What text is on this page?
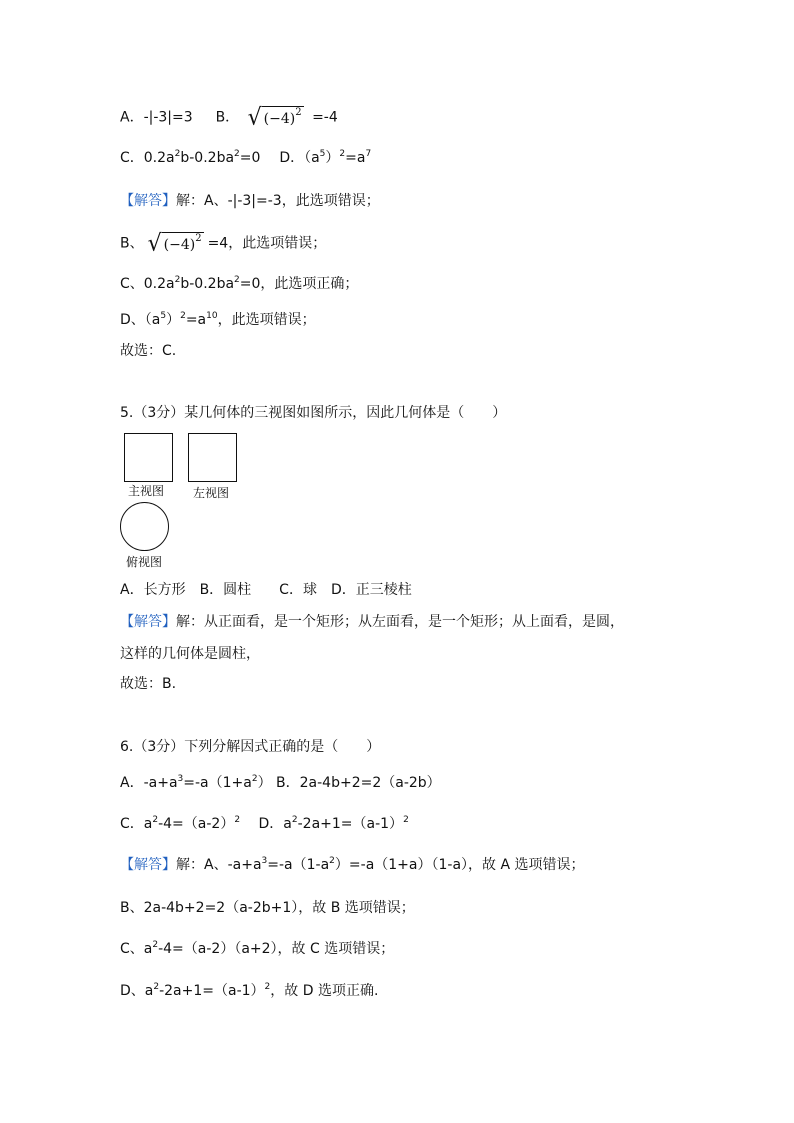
A．-|-3|=3 B． √ $(-4)^2 =-4$
C．$0.2a^2b-0.2ba^2=0$ D．$(a^5)^2=a^7$
【解答】解：A、-|-3|=-3，此选项错误；
B、 √ $(-4)^2 =4$，此选项错误；
C、$0.2a^2b-0.2ba^2=0$，此选项正确；
D、$(a^5)^2=a^{10}$，此选项错误；
故选：C.
5.（3分）某几何体的三视图如图所示，因此几何体是（　　）
主视图 左视图
俯视图
A．长方形　B．圆柱　　C．球　D．正三棱柱
【解答】解：从正面看，是一个矩形；从左面看，是一个矩形；从上面看，是圆，
这样的几何体是圆柱，
故选：B.
6.（3分）下列分解因式正确的是（　　）
A．$-a+a^3=-a(1+a^2)$ B．2a-4b+2=2（a-2b）
C．$a^2-4=(a-2)^2$　 D．$a^2-2a+1=(a-1)^2$
【解答】解：A、$-a+a^3=-a(1-a^2)=-a(1+a)(1-a)$，故 A 选项错误；
B、2a-4b+2=2（a-2b+1），故 B 选项错误；
C、$a^2-4=(a-2)(a+2)$，故 C 选项错误；
D、$a^2-2a+1=(a-1)^2$，故 D 选项正确.
